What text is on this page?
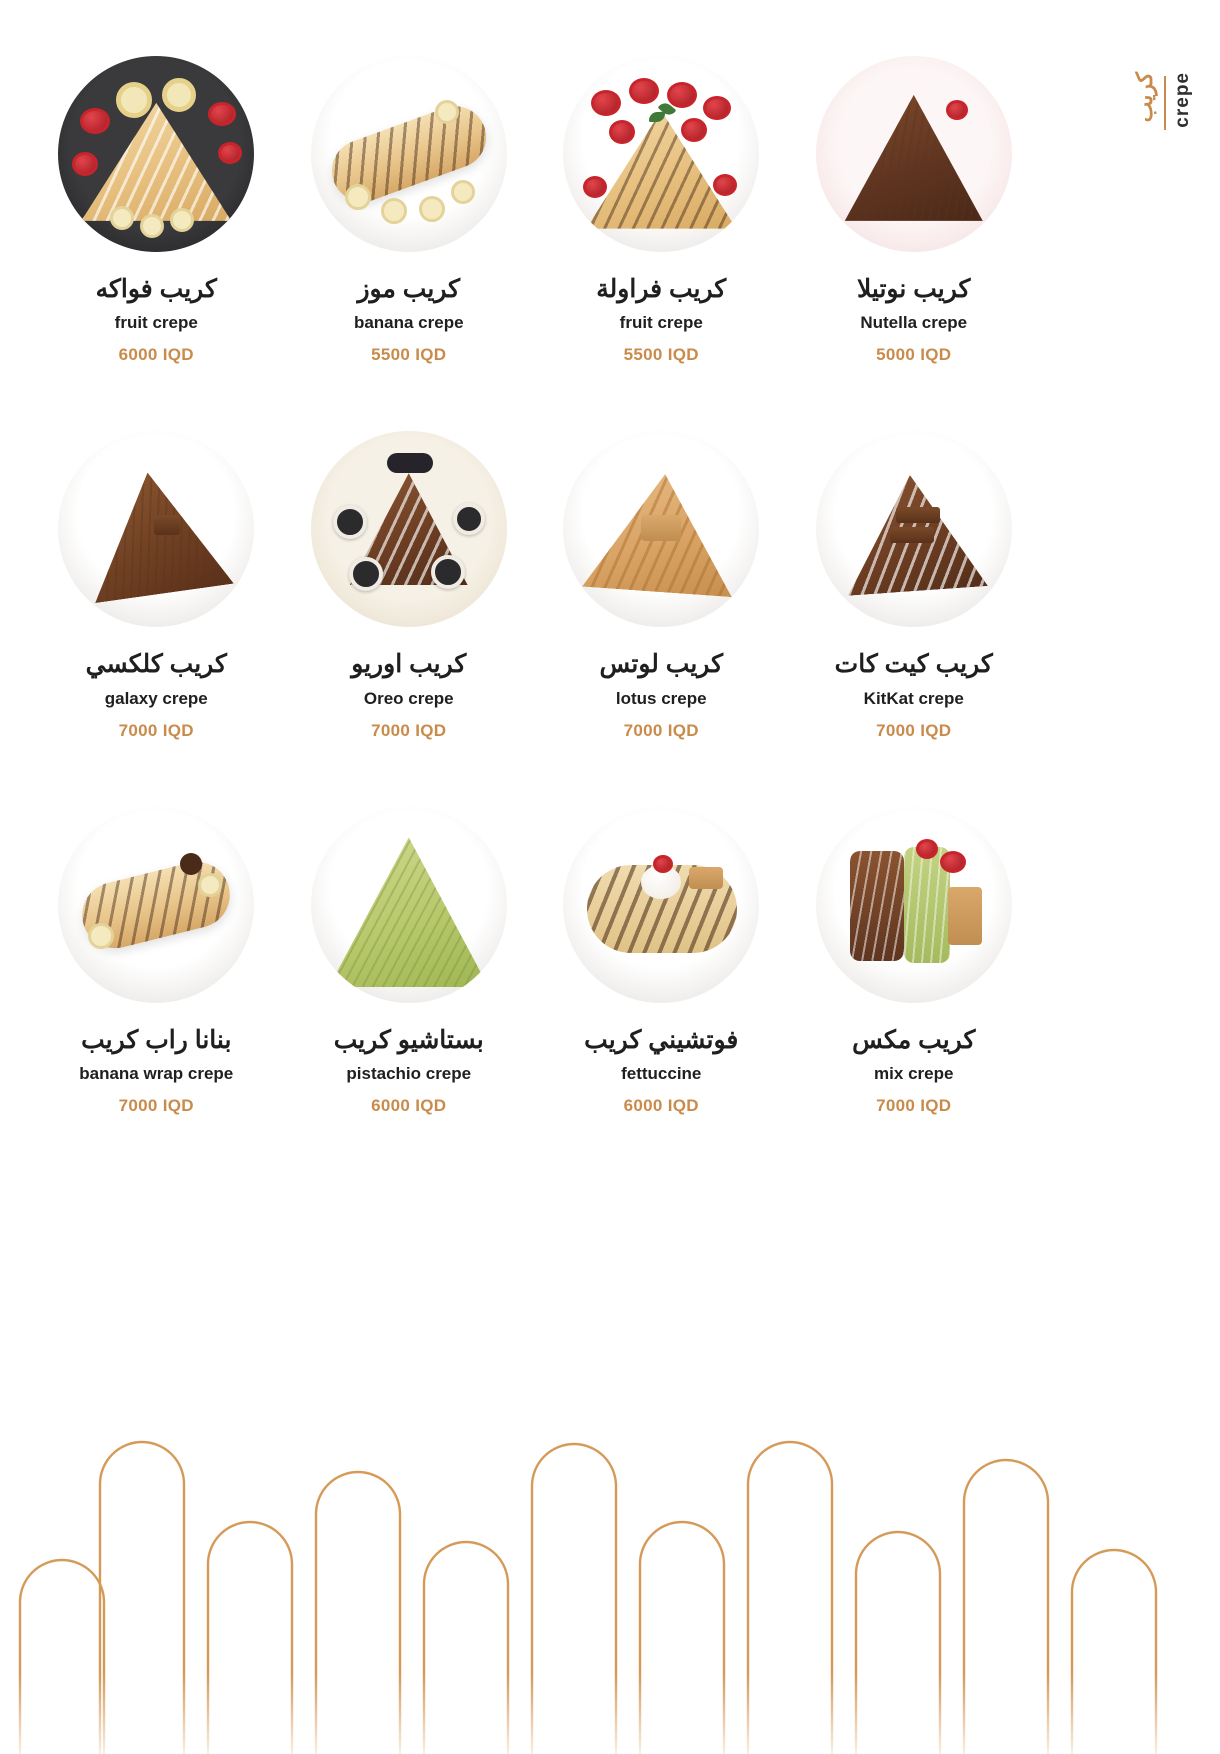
كريب crepe
كريب فواكه
fruit crepe
6000 IQD
كريب موز
banana crepe
5500 IQD
كريب فراولة
fruit crepe
5500 IQD
كريب نوتيلا
Nutella crepe
5000 IQD
كريب كلكسي
galaxy crepe
7000 IQD
كريب اوريو
Oreo crepe
7000 IQD
كريب لوتس
lotus crepe
7000 IQD
كريب كيت كات
KitKat crepe
7000 IQD
بنانا راب كريب
banana wrap crepe
7000 IQD
بستاشيو كريب
pistachio crepe
6000 IQD
فوتشيني كريب
fettuccine
6000 IQD
كريب مكس
mix crepe
7000 IQD
